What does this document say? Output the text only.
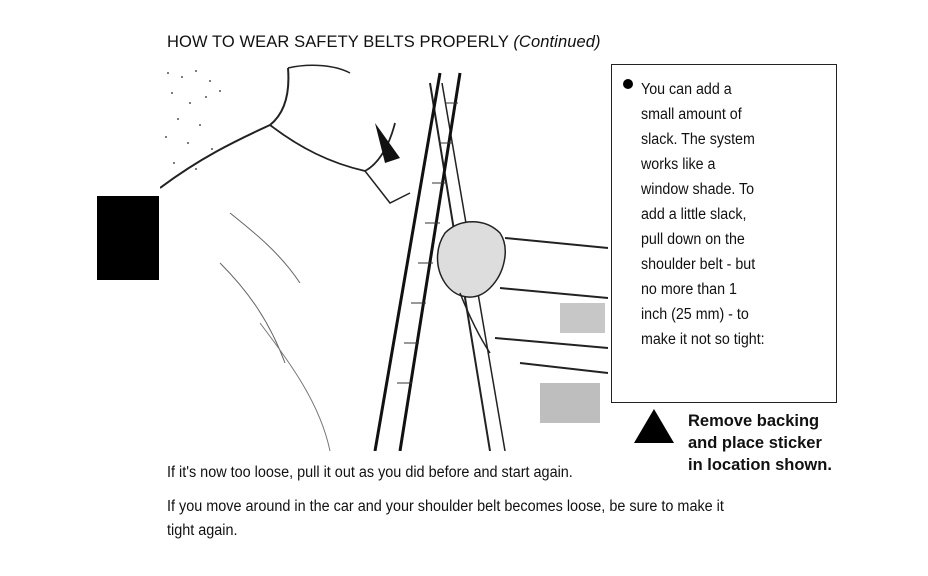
HOW TO WEAR SAFETY BELTS PROPERLY (Continued)
You can add a
small amount of
slack. The system
works like a
window shade. To
add a little slack,
pull down on the
shoulder belt - but
no more than 1
inch (25 mm) - to
make it not so tight:
Remove backing
and place sticker
in location shown.
If it's now too loose, pull it out as you did before and start again.
If you move around in the car and your shoulder belt becomes loose, be sure to make it
tight again.
